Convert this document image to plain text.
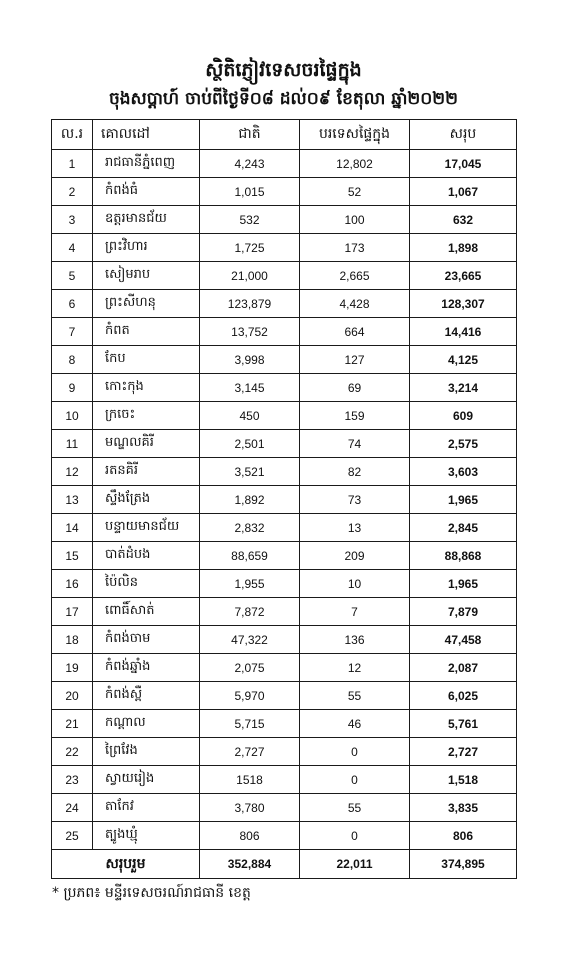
ស្ថិតិភ្ញៀវទេសចរផ្ទៃក្នុង
ចុងសប្តាហ៍ ចាប់ពីថ្ងៃទី០៨ ដល់០៩ ខែតុលា ឆ្នាំ២០២២
ល.រ	គោលដៅ	ជាតិ	បរទេសផ្ទៃក្នុង	សរុប
1	រាជធានីភ្នំពេញ	4,243	12,802	17,045
2	កំពង់ធំ	1,015	52	1,067
3	ឧត្តរមានជ័យ	532	100	632
4	ព្រះវិហារ	1,725	173	1,898
5	សៀមរាប	21,000	2,665	23,665
6	ព្រះសីហនុ	123,879	4,428	128,307
7	កំពត	13,752	664	14,416
8	កែប	3,998	127	4,125
9	កោះកុង	3,145	69	3,214
10	ក្រចេះ	450	159	609
11	មណ្ឌលគិរី	2,501	74	2,575
12	រតនគិរី	3,521	82	3,603
13	ស្ទឹងត្រែង	1,892	73	1,965
14	បន្ទាយមានជ័យ	2,832	13	2,845
15	បាត់ដំបង	88,659	209	88,868
16	ប៉ៃលិន	1,955	10	1,965
17	ពោធិ៍សាត់	7,872	7	7,879
18	កំពង់ចាម	47,322	136	47,458
19	កំពង់ឆ្នាំង	2,075	12	2,087
20	កំពង់ស្ពឺ	5,970	55	6,025
21	កណ្តាល	5,715	46	5,761
22	ព្រៃវែង	2,727	0	2,727
23	ស្វាយរៀង	1518	0	1,518
24	តាកែវ	3,780	55	3,835
25	ត្បូងឃ្មុំ	806	0	806
សរុបរួម		352,884	22,011	374,895
* ប្រភព៖ មន្ទីរទេសចរណ៍រាជធានី ខេត្ត
